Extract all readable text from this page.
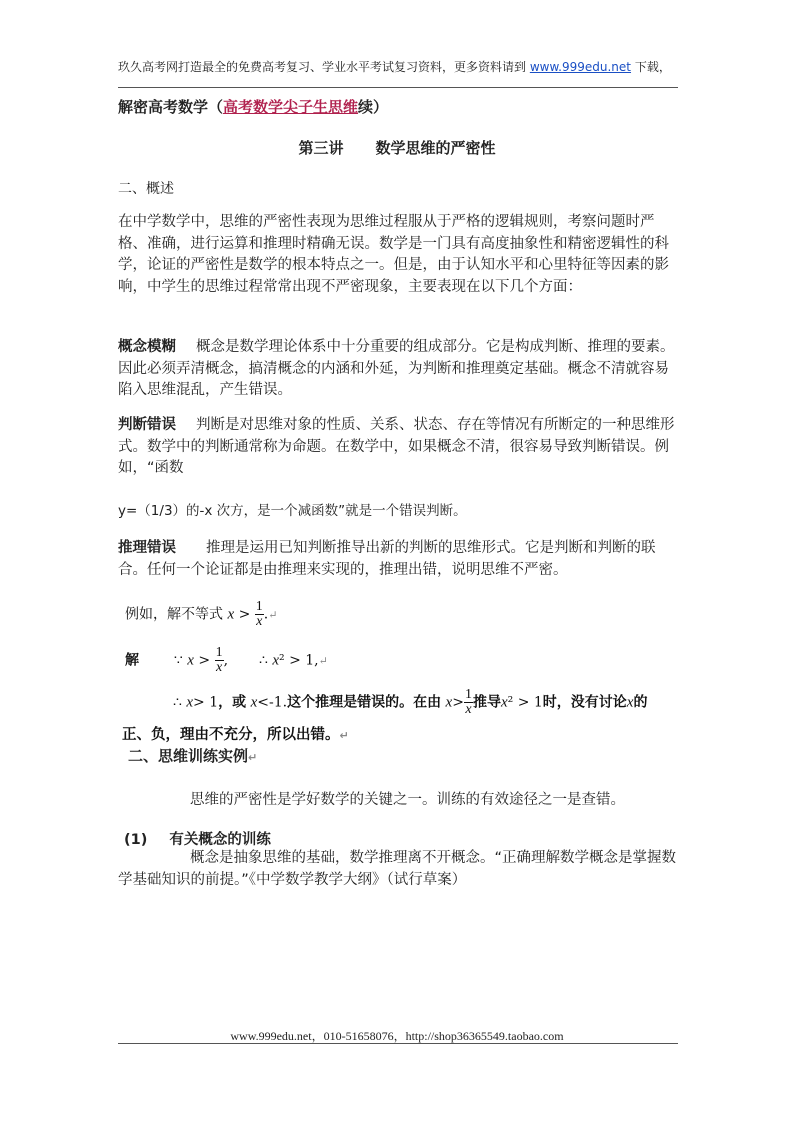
玖久高考网打造最全的免费高考复习、学业水平考试复习资料，更多资料请到 www.999edu.net 下载，
解密高考数学（高考数学尖子生思维续）
第三讲 数学思维的严密性
二、概述
在中学数学中，思维的严密性表现为思维过程服从于严格的逻辑规则，考察问题时严格、准确，进行运算和推理时精确无误。数学是一门具有高度抽象性和精密逻辑性的科学，论证的严密性是数学的根本特点之一。但是，由于认知水平和心里特征等因素的影响，中学生的思维过程常常出现不严密现象，主要表现在以下几个方面：
概念模糊 概念是数学理论体系中十分重要的组成部分。它是构成判断、推理的要素。因此必须弄清概念，搞清概念的内涵和外延，为判断和推理奠定基础。概念不清就容易陷入思维混乱，产生错误。
判断错误 判断是对思维对象的性质、关系、状态、存在等情况有所断定的一种思维形式。数学中的判断通常称为命题。在数学中，如果概念不清，很容易导致判断错误。例如，“函数
y=（1/3）的-x 次方，是一个减函数”就是一个错误判断。
推理错误 推理是运用已知判断推导出新的判断的思维形式。它是判断和判断的联合。任何一个论证都是由推理来实现的，推理出错，说明思维不严密。
例如，解不等式 $x > \frac{1}{x}$ .↵
解 ∵ $x > \frac{1}{x}$ , ∴ x² > 1,↵
∴ x> 1，或 x<-1.这个推理是错误的。在由 $x> \frac{1}{x}$ 推导x² > 1时，没有讨论x的
正、负，理由不充分，所以出错。↵
二、思维训练实例↵
思维的严密性是学好数学的关键之一。训练的有效途径之一是查错。
(1) 有关概念的训练
概念是抽象思维的基础，数学推理离不开概念。“正确理解数学概念是掌握数学基础知识的前提。”《中学数学教学大纲》（试行草案）
www.999edu.net，010-51658076，http://shop36365549.taobao.com
